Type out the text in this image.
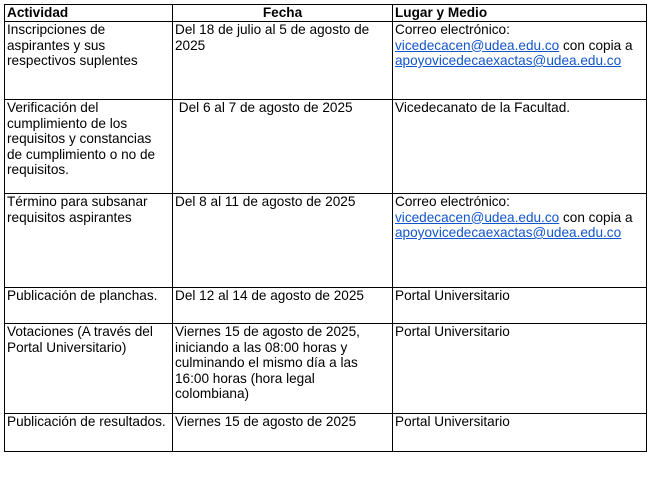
Actividad	Fecha	Lugar y Medio
Inscripciones de aspirantes y sus respectivos suplentes	Del 18 de julio al 5 de agosto de 2025	Correo electrónico:
vicedecacen@udea.edu.co con copia a
apoyovicedecaexactas@udea.edu.co
Verificación del cumplimiento de los requisitos y constancias de cumplimiento o no de requisitos.	Del 6 al 7 de agosto de 2025	Vicedecanato de la Facultad.
Término para subsanar requisitos aspirantes	Del 8 al 11 de agosto de 2025	Correo electrónico:
vicedecacen@udea.edu.co con copia a
apoyovicedecaexactas@udea.edu.co
Publicación de planchas.	Del 12 al 14 de agosto de 2025	Portal Universitario
Votaciones (A través del Portal Universitario)	Viernes 15 de agosto de 2025, iniciando a las 08:00 horas y culminando el mismo día a las 16:00 horas (hora legal colombiana)	Portal Universitario
Publicación de resultados.	Viernes 15 de agosto de 2025	Portal Universitario
